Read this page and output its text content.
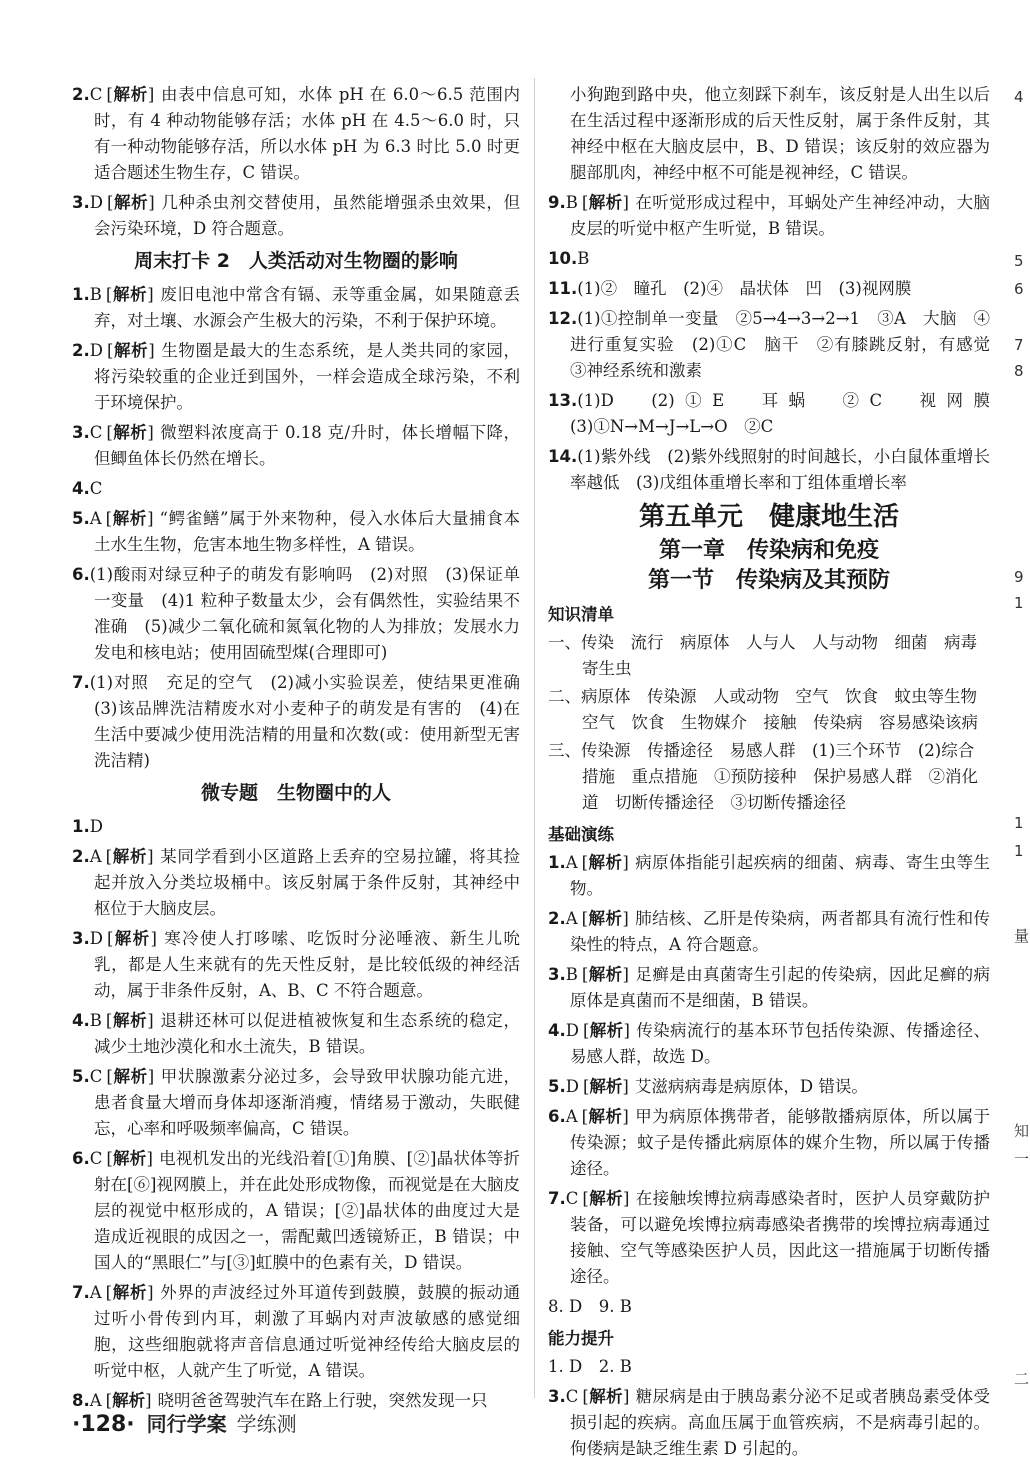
2.C [解析] 由表中信息可知，水体 pH 在 6.0～6.5 范围内时，有 4 种动物能够存活；水体 pH 在 4.5～6.0 时，只有一种动物能够存活，所以水体 pH 为 6.3 时比 5.0 时更适合题述生物生存，C 错误。

3.D [解析] 几种杀虫剂交替使用，虽然能增强杀虫效果，但会污染环境，D 符合题意。

周末打卡 2　人类活动对生物圈的影响

1.B [解析] 废旧电池中常含有镉、汞等重金属，如果随意丢弃，对土壤、水源会产生极大的污染，不利于保护环境。

2.D [解析] 生物圈是最大的生态系统，是人类共同的家园，将污染较重的企业迁到国外，一样会造成全球污染，不利于环境保护。

3.C [解析] 微塑料浓度高于 0.18 克/升时，体长增幅下降，但鲫鱼体长仍然在增长。

4.C

5.A [解析] “鳄雀鳝”属于外来物种，侵入水体后大量捕食本土水生生物，危害本地生物多样性，A 错误。

6.(1)酸雨对绿豆种子的萌发有影响吗　(2)对照　(3)保证单一变量　(4)1 粒种子数量太少，会有偶然性，实验结果不准确　(5)减少二氧化硫和氮氧化物的人为排放；发展水力发电和核电站；使用固硫型煤(合理即可)

7.(1)对照　充足的空气　(2)减小实验误差，使结果更准确　(3)该品牌洗洁精废水对小麦种子的萌发是有害的　(4)在生活中要减少使用洗洁精的用量和次数(或：使用新型无害洗洁精)

微专题　生物圈中的人

1.D

2.A [解析] 某同学看到小区道路上丢弃的空易拉罐，将其捡起并放入分类垃圾桶中。该反射属于条件反射，其神经中枢位于大脑皮层。

3.D [解析] 寒冷使人打哆嗦、吃饭时分泌唾液、新生儿吮乳，都是人生来就有的先天性反射，是比较低级的神经活动，属于非条件反射，A、B、C 不符合题意。

4.B [解析] 退耕还林可以促进植被恢复和生态系统的稳定，减少土地沙漠化和水土流失，B 错误。

5.C [解析] 甲状腺激素分泌过多，会导致甲状腺功能亢进，患者食量大增而身体却逐渐消瘦，情绪易于激动，失眠健忘，心率和呼吸频率偏高，C 错误。

6.C [解析] 电视机发出的光线沿着[①]角膜、[②]晶状体等折射在[⑥]视网膜上，并在此处形成物像，而视觉是在大脑皮层的视觉中枢形成的，A 错误；[②]晶状体的曲度过大是造成近视眼的成因之一，需配戴凹透镜矫正，B 错误；中国人的“黑眼仁”与[③]虹膜中的色素有关，D 错误。

7.A [解析] 外界的声波经过外耳道传到鼓膜，鼓膜的振动通过听小骨传到内耳，刺激了耳蜗内对声波敏感的感觉细胞，这些细胞就将声音信息通过听觉神经传给大脑皮层的听觉中枢，人就产生了听觉，A 错误。

8.A [解析] 晓明爸爸驾驶汽车在路上行驶，突然发现一只

小狗跑到路中央，他立刻踩下刹车，该反射是人出生以后在生活过程中逐渐形成的后天性反射，属于条件反射，其神经中枢在大脑皮层中，B、D 错误；该反射的效应器为腿部肌肉，神经中枢不可能是视神经，C 错误。

9.B [解析] 在听觉形成过程中，耳蜗处产生神经冲动，大脑皮层的听觉中枢产生听觉，B 错误。

10.B

11.(1)②　瞳孔　(2)④　晶状体　凹　(3)视网膜

12.(1)①控制单一变量　②5→4→3→2→1　③A　大脑　④进行重复实验　(2)①C　脑干　②有膝跳反射，有感觉　③神经系统和激素

13.(1)D　(2)①E　耳蜗　②C　视网膜　(3)①N→M→J→L→O　②C

14.(1)紫外线　(2)紫外线照射的时间越长，小白鼠体重增长率越低　(3)戊组体重增长率和丁组体重增长率

第五单元　健康地生活
第一章　传染病和免疫
第一节　传染病及其预防
知识清单

一、传染　流行　病原体　人与人　人与动物　细菌　病毒　寄生虫

二、病原体　传染源　人或动物　空气　饮食　蚊虫等生物　空气　饮食　生物媒介　接触　传染病　容易感染该病

三、传染源　传播途径　易感人群　(1)三个环节　(2)综合措施　重点措施　①预防接种　保护易感人群　②消化道　切断传播途径　③切断传播途径

基础演练

1.A [解析] 病原体指能引起疾病的细菌、病毒、寄生虫等生物。

2.A [解析] 肺结核、乙肝是传染病，两者都具有流行性和传染性的特点，A 符合题意。

3.B [解析] 足癣是由真菌寄生引起的传染病，因此足癣的病原体是真菌而不是细菌，B 错误。

4.D [解析] 传染病流行的基本环节包括传染源、传播途径、易感人群，故选 D。

5.D [解析] 艾滋病病毒是病原体，D 错误。

6.A [解析] 甲为病原体携带者，能够散播病原体，所以属于传染源；蚊子是传播此病原体的媒介生物，所以属于传播途径。

7.C [解析] 在接触埃博拉病毒感染者时，医护人员穿戴防护装备，可以避免埃博拉病毒感染者携带的埃博拉病毒通过接触、空气等感染医护人员，因此这一措施属于切断传播途径。

8. D　9. B

能力提升

1. D　2. B

3.C [解析] 糖尿病是由于胰岛素分泌不足或者胰岛素受体受损引起的疾病。高血压属于血管疾病，不是病毒引起的。佝偻病是缺乏维生素 D 引起的。

4
5
6
7
8
9
1
1
1
量
知
一
二
·128· 同行学案 学练测
